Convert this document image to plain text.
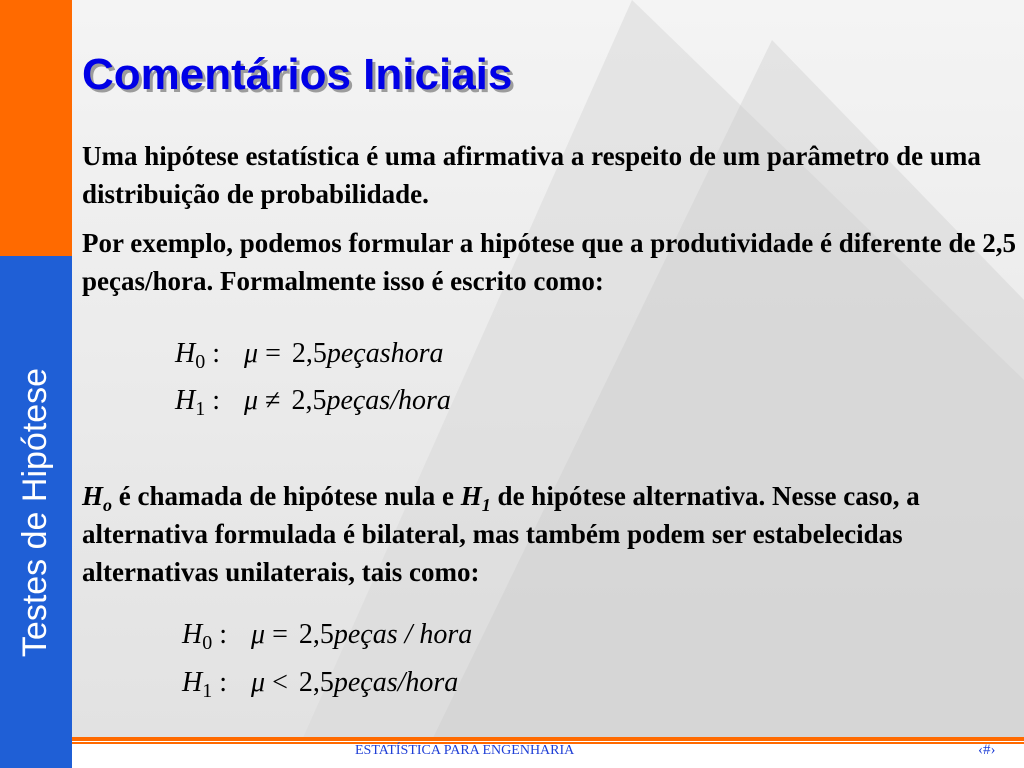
Testes de Hipótese
Comentários Iniciais

Uma hipótese estatística é uma afirmativa a respeito de um parâmetro de uma distribuição de probabilidade.

Por exemplo, podemos formular a hipótese que a produtividade é diferente de 2,5 peças/hora. Formalmente isso é escrito como:

$H_0$ : μ = 2,5peçashora
$H_1$ : μ ≠ 2,5peças/hora

$H_o$ é chamada de hipótese nula e $H_1$ de hipótese alternativa. Nesse caso, a alternativa formulada é bilateral, mas também podem ser estabelecidas alternativas unilaterais, tais como:

$H_0$ : μ = 2,5peças / hora
$H_1$ : μ < 2,5peças/hora
ESTATÍSTICA PARA ENGENHARIA	‹#›
